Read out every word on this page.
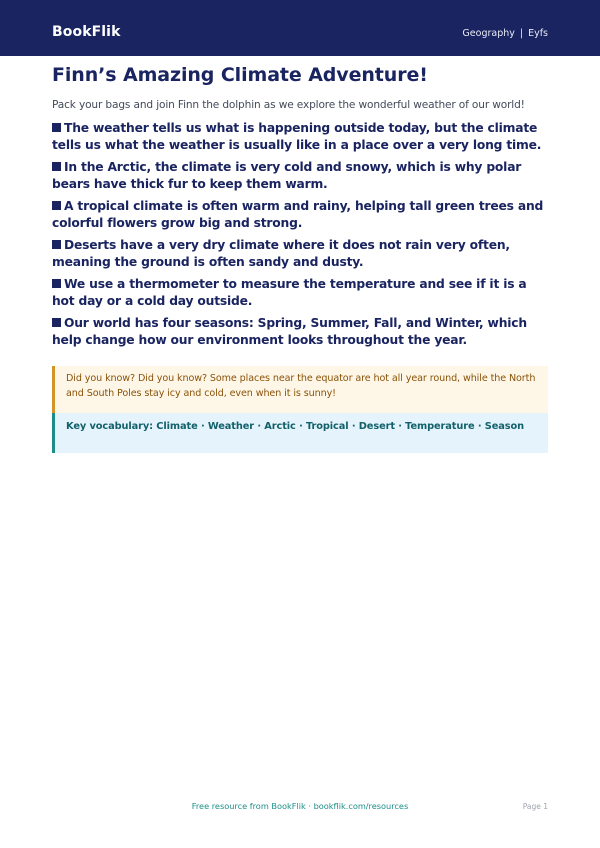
BookFlik	Geography | Eyfs
Finn’s Amazing Climate Adventure!

Pack your bags and join Finn the dolphin as we explore the wonderful weather of our world!

The weather tells us what is happening outside today, but the climate tells us what the weather is usually like in a place over a very long time.
In the Arctic, the climate is very cold and snowy, which is why polar bears have thick fur to keep them warm.
A tropical climate is often warm and rainy, helping tall green trees and colorful flowers grow big and strong.
Deserts have a very dry climate where it does not rain very often, meaning the ground is often sandy and dusty.
We use a thermometer to measure the temperature and see if it is a hot day or a cold day outside.
Our world has four seasons: Spring, Summer, Fall, and Winter, which help change how our environment looks throughout the year.
Did you know? Did you know? Some places near the equator are hot all year round, while the North and South Poles stay icy and cold, even when it is sunny!
Key vocabulary: Climate · Weather · Arctic · Tropical · Desert · Temperature · Season
Free resource from BookFlik · bookflik.com/resources	Page 1
